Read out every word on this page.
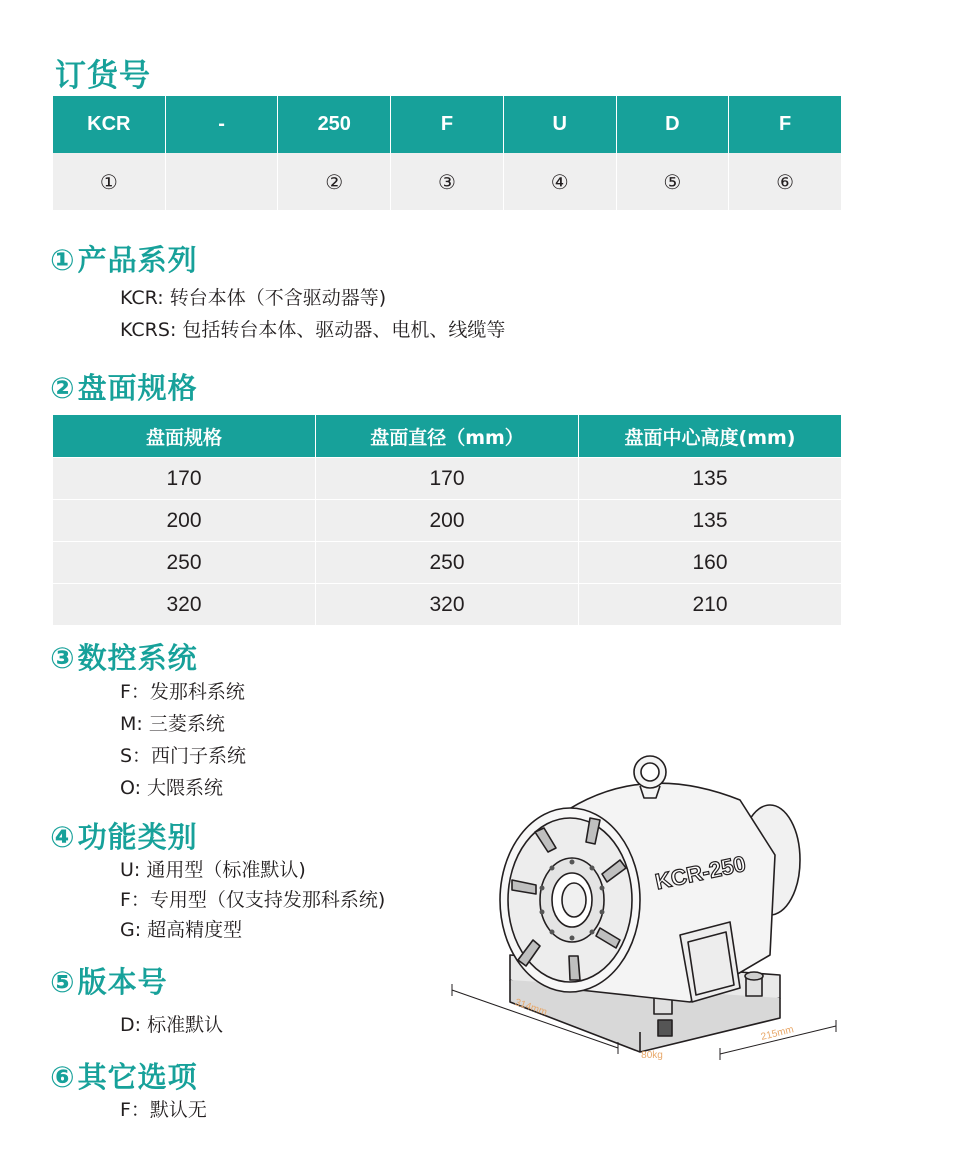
订货号
KCR	-	250	F	U	D	F
①		②	③	④	⑤	⑥
①产品系列
KCR: 转台本体（不含驱动器等)
KCRS: 包括转台本体、驱动器、电机、线缆等
②盘面规格
盘面规格	盘面直径（mm）	盘面中心高度(mm)
170	170	135
200	200	135
250	250	160
320	320	210
③数控系统
F：发那科系统
M: 三菱系统
S：西门子系统
O: 大隈系统
④功能类别
U: 通用型（标准默认)
F：专用型（仅支持发那科系统)
G: 超高精度型
⑤版本号
D: 标准默认
⑥其它选项
F：默认无
KCR-250
314mm
215mm
80kg
